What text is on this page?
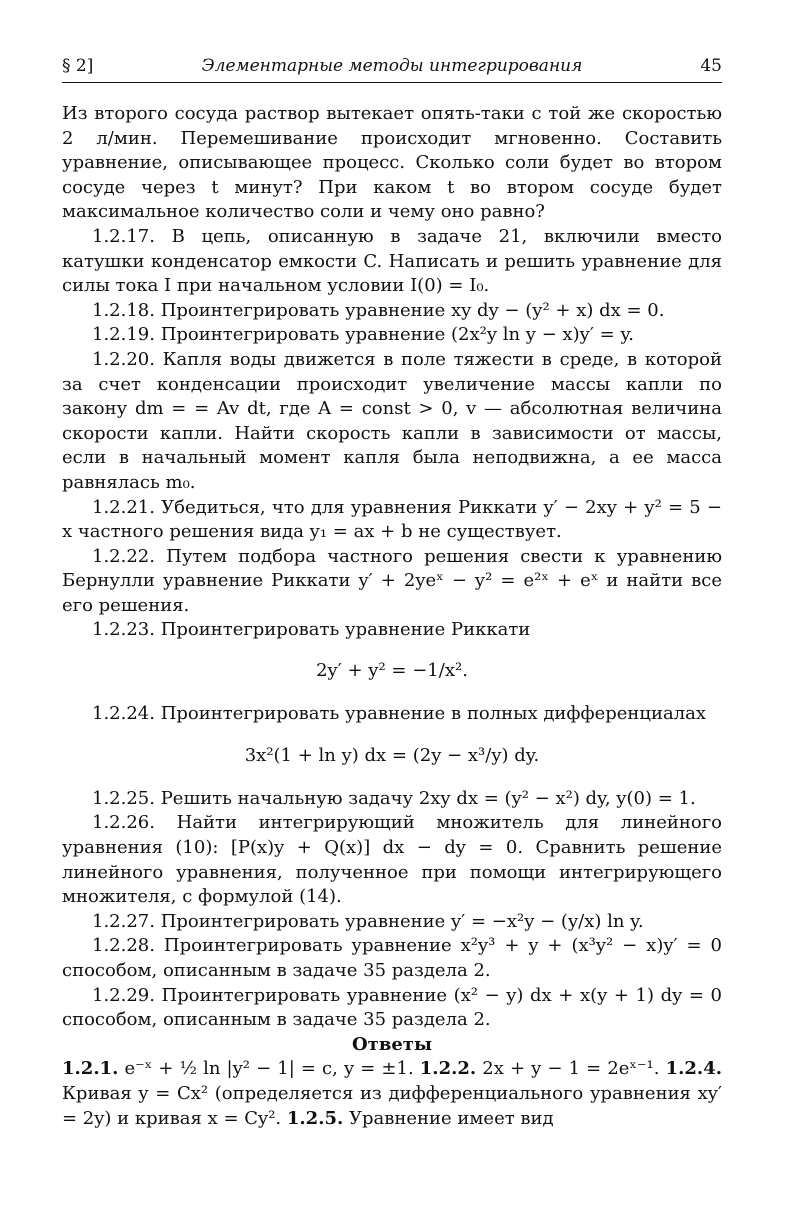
§ 2]	Элементарные методы интегрирования	45

Из второго сосуда раствор вытекает опять-таки с той же скоростью 2 л/мин. Перемешивание происходит мгновенно. Составить уравнение, описывающее процесс. Сколько соли будет во втором сосуде через t минут? При каком t во втором сосуде будет максимальное количество соли и чему оно равно?

1.2.17. В цепь, описанную в задаче 21, включили вместо катушки конденсатор емкости C. Написать и решить уравнение для силы тока I при начальном условии I(0) = I₀.

1.2.18. Проинтегрировать уравнение xy dy − (y² + x) dx = 0.

1.2.19. Проинтегрировать уравнение (2x²y ln y − x)y′ = y.

1.2.20. Капля воды движется в поле тяжести в среде, в которой за счет конденсации происходит увеличение массы капли по закону dm = = Av dt, где A = const > 0, v — абсолютная величина скорости капли. Найти скорость капли в зависимости от массы, если в начальный момент капля была неподвижна, а ее масса равнялась m₀.

1.2.21. Убедиться, что для уравнения Риккати y′ − 2xy + y² = 5 − x частного решения вида y₁ = ax + b не существует.

1.2.22. Путем подбора частного решения свести к уравнению Бернулли уравнение Риккати y′ + 2yeˣ − y² = e²ˣ + eˣ и найти все его решения.

1.2.23. Проинтегрировать уравнение Риккати

2y′ + y² = −1/x².

1.2.24. Проинтегрировать уравнение в полных дифференциалах

3x²(1 + ln y) dx = (2y − x³/y) dy.

1.2.25. Решить начальную задачу 2xy dx = (y² − x²) dy, y(0) = 1.

1.2.26. Найти интегрирующий множитель для линейного уравнения (10): [P(x)y + Q(x)] dx − dy = 0. Сравнить решение линейного уравнения, полученное при помощи интегрирующего множителя, с формулой (14).

1.2.27. Проинтегрировать уравнение y′ = −x²y − (y/x) ln y.

1.2.28. Проинтегрировать уравнение x²y³ + y + (x³y² − x)y′ = 0 способом, описанным в задаче 35 раздела 2.

1.2.29. Проинтегрировать уравнение (x² − y) dx + x(y + 1) dy = 0 способом, описанным в задаче 35 раздела 2.

Ответы

1.2.1. e⁻ˣ + ½ ln |y² − 1| = c, y = ±1. 1.2.2. 2x + y − 1 = 2eˣ⁻¹. 1.2.4. Кривая y = Cx² (определяется из дифференциального уравнения xy′ = 2y) и кривая x = Cy². 1.2.5. Уравнение имеет вид
